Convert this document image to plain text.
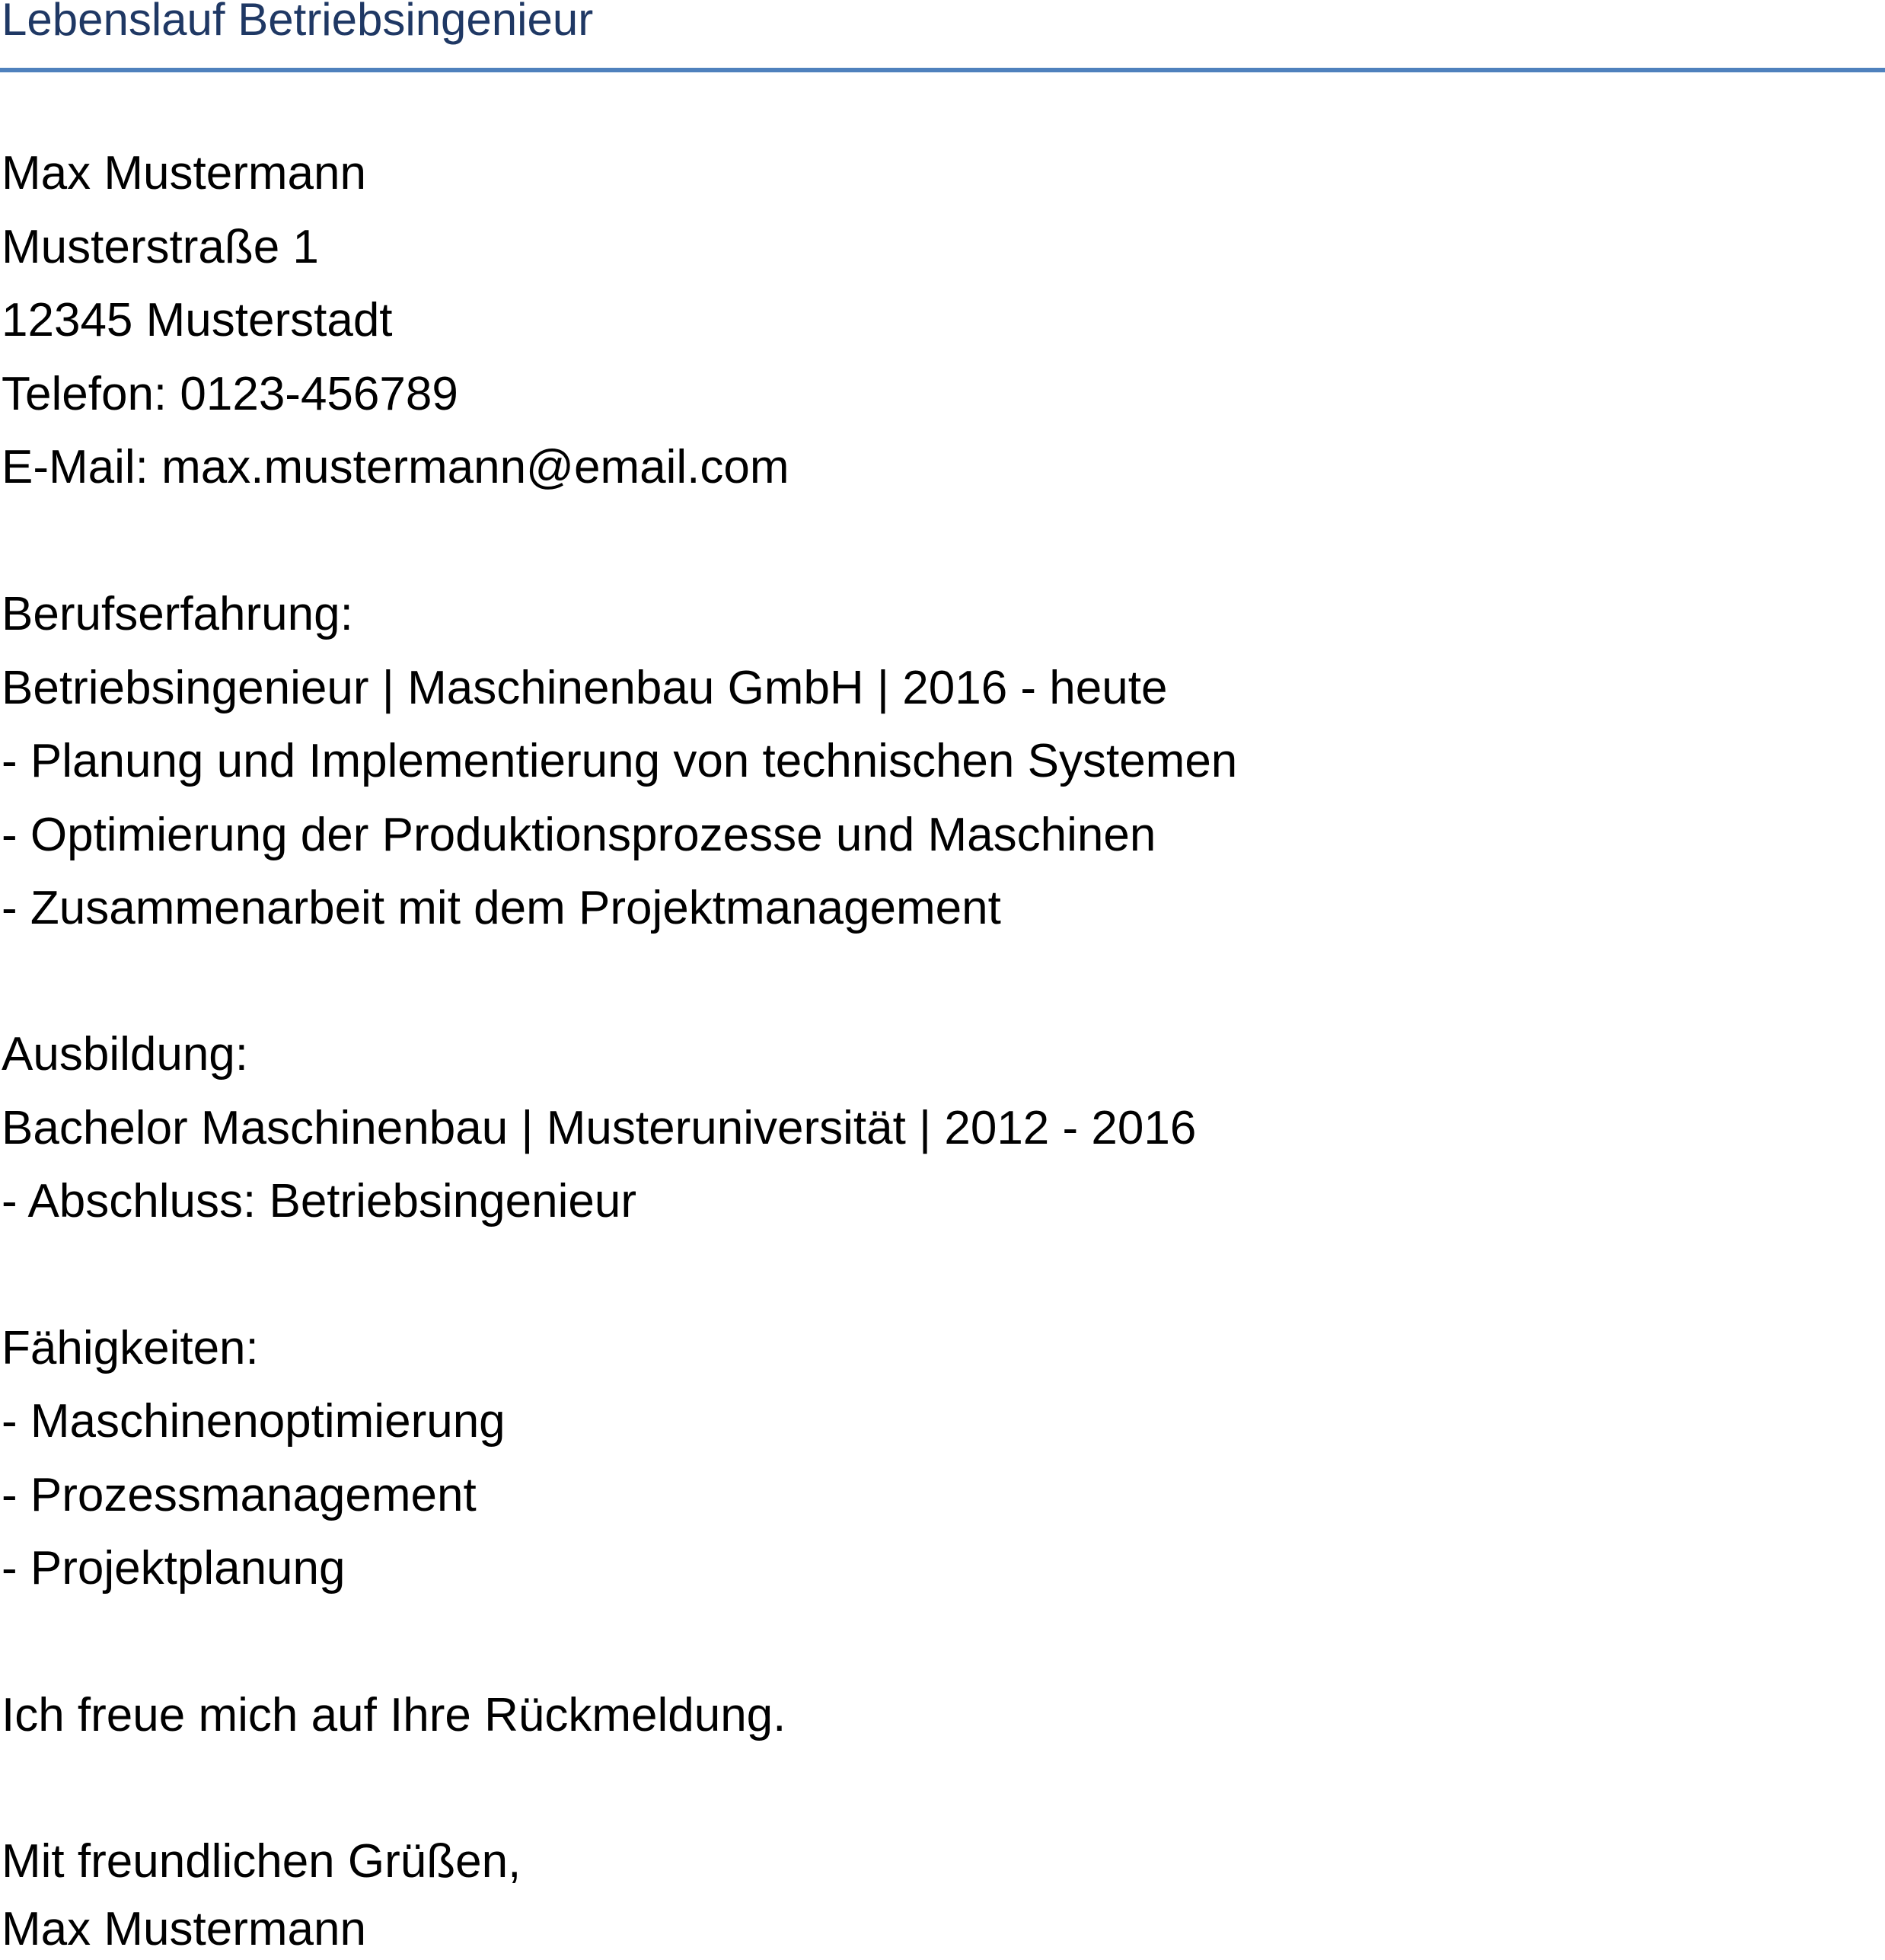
Lebenslauf Betriebsingenieur
Max Mustermann
Musterstraße 1
12345 Musterstadt
Telefon: 0123-456789
E-Mail: max.mustermann@email.com
Berufserfahrung:
Betriebsingenieur | Maschinenbau GmbH | 2016 - heute
- Planung und Implementierung von technischen Systemen
- Optimierung der Produktionsprozesse und Maschinen
- Zusammenarbeit mit dem Projektmanagement
Ausbildung:
Bachelor Maschinenbau | Musteruniversität | 2012 - 2016
- Abschluss: Betriebsingenieur
Fähigkeiten:
- Maschinenoptimierung
- Prozessmanagement
- Projektplanung
Ich freue mich auf Ihre Rückmeldung.
Mit freundlichen Grüßen,
Max Mustermann
